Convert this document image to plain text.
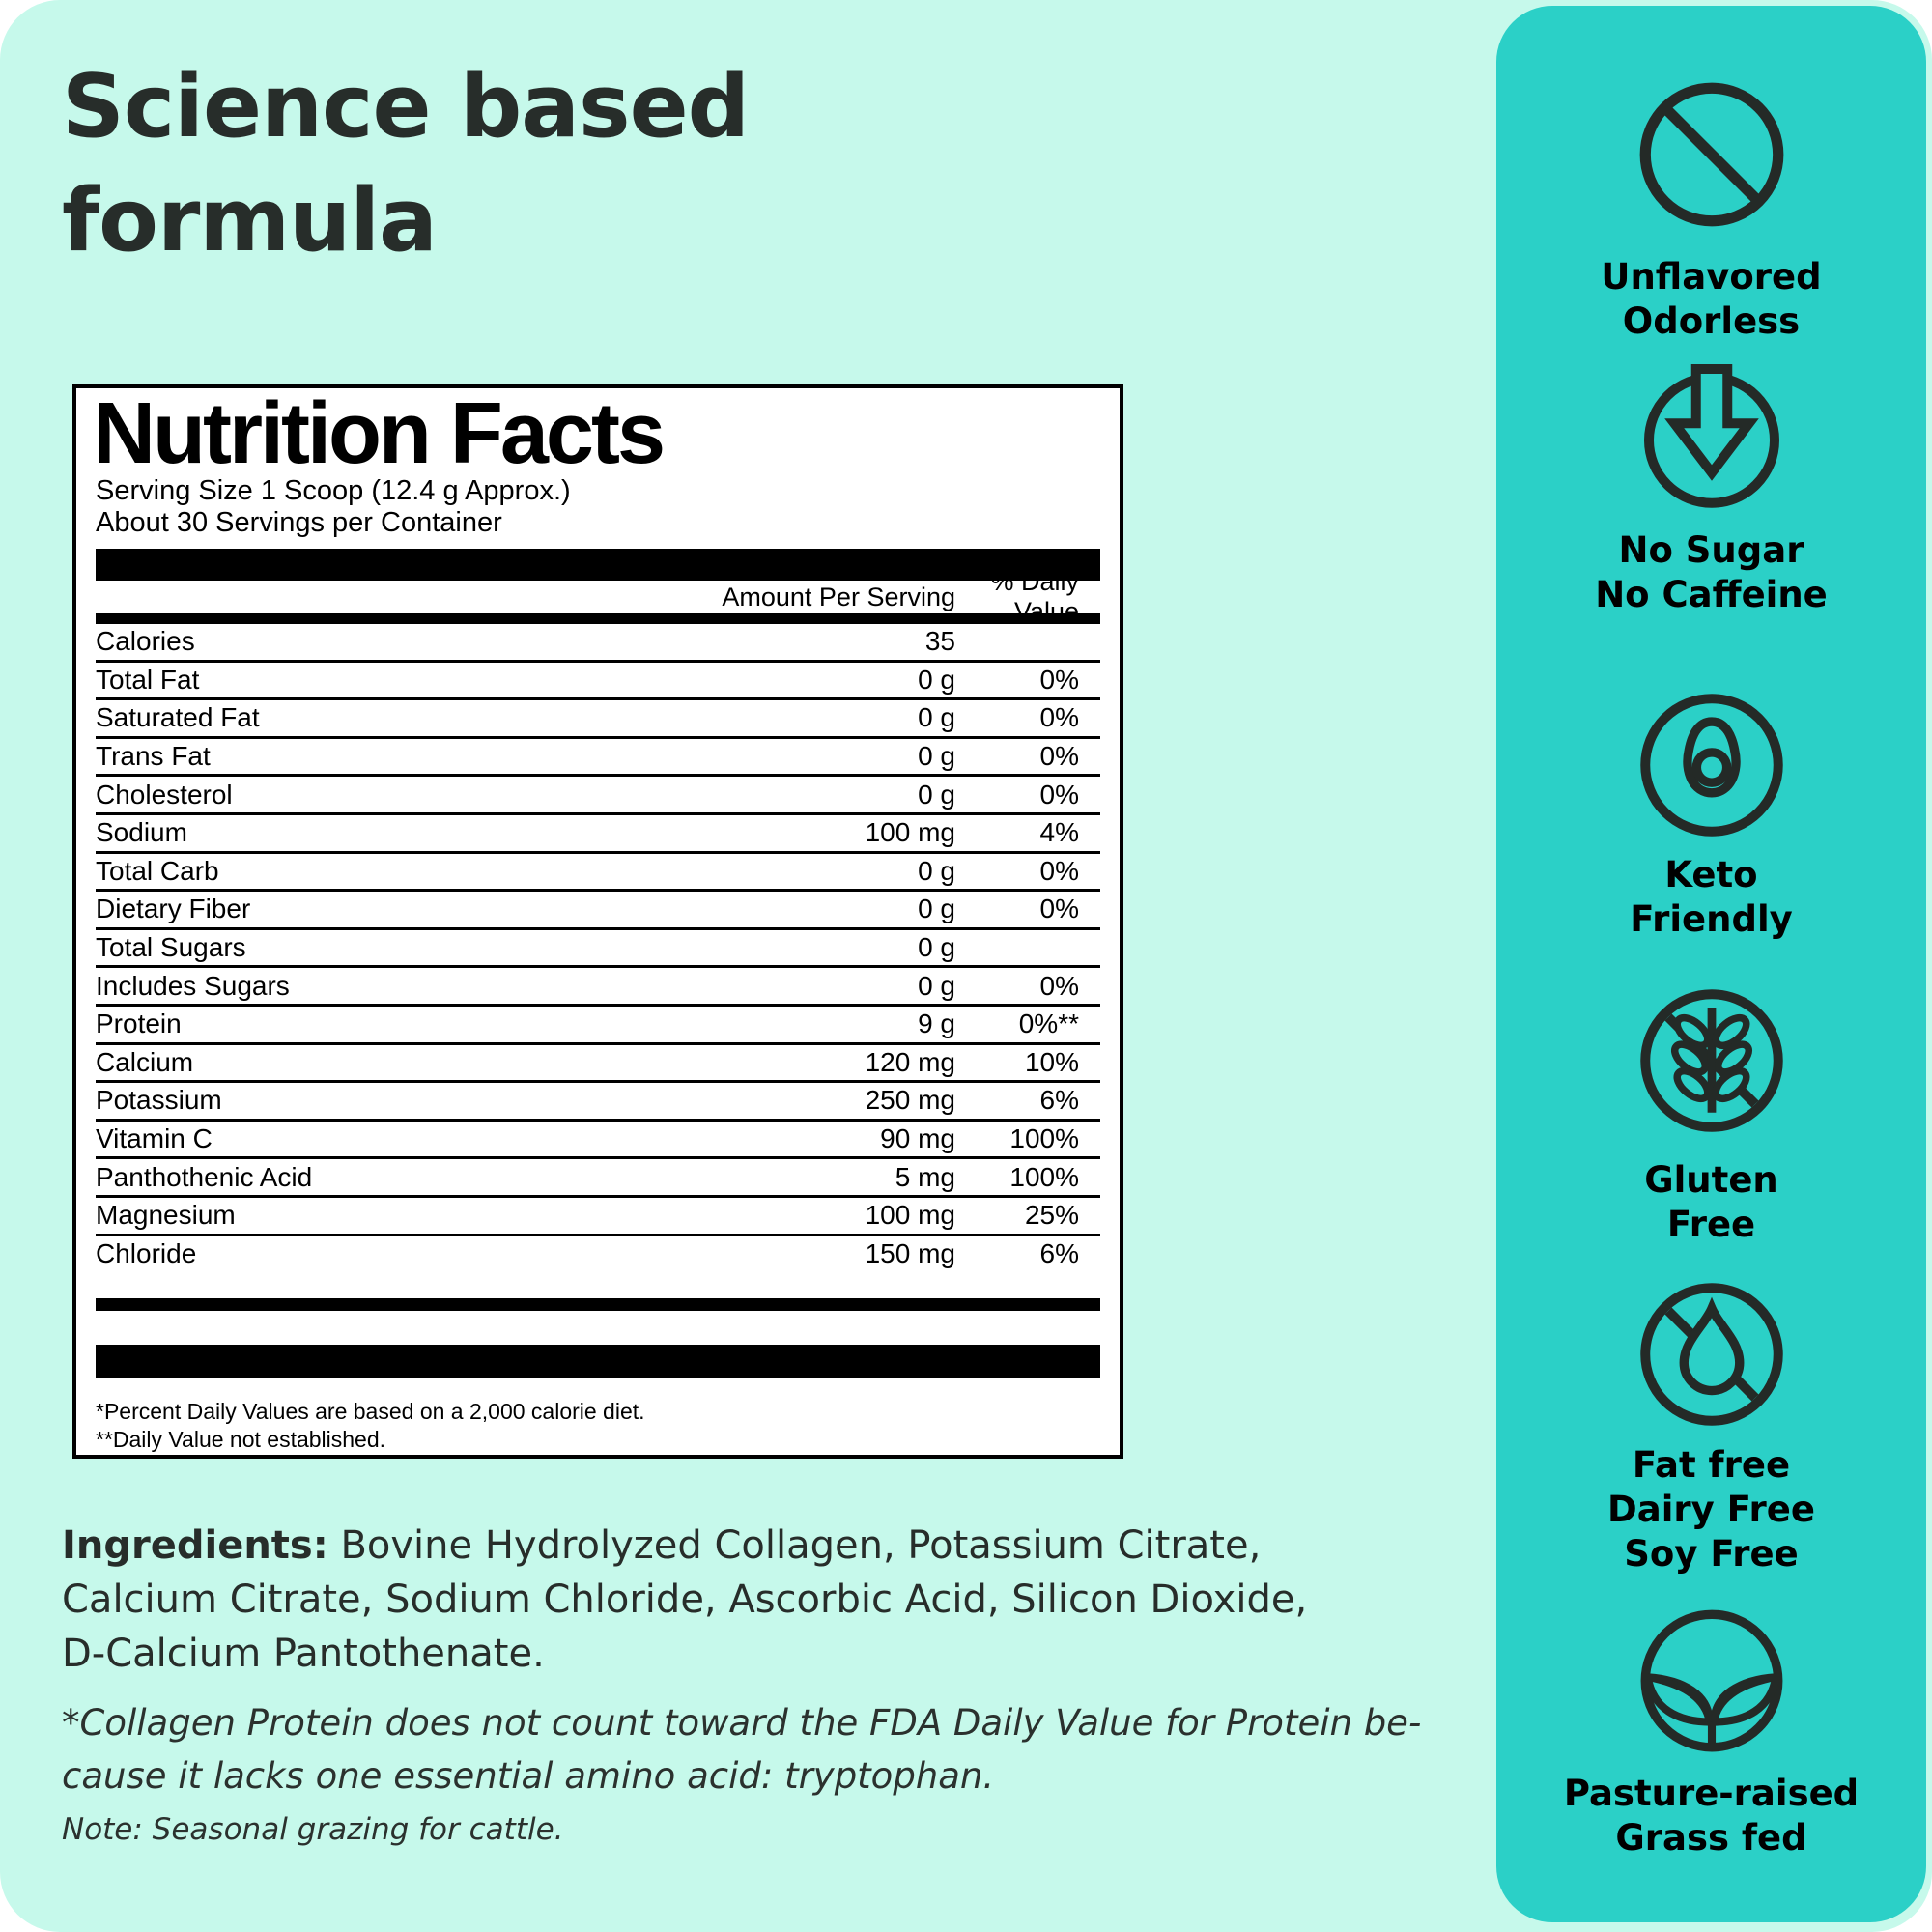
Science based
formula
Nutrition Facts
Serving Size 1 Scoop (12.4 g Approx.)
About 30 Servings per Container
Amount Per Serving
% Daily Value
Calories	35
Total Fat	0 g	0%
Saturated Fat	0 g	0%
Trans Fat	0 g	0%
Cholesterol	0 g	0%
Sodium	100 mg	4%
Total Carb	0 g	0%
Dietary Fiber	0 g	0%
Total Sugars	0 g
Includes Sugars	0 g	0%
Protein	9 g	0%**
Calcium	120 mg	10%
Potassium	250 mg	6%
Vitamin C	90 mg	100%
Panthothenic Acid	5 mg	100%
Magnesium	100 mg	25%
Chloride	150 mg	6%
*Percent Daily Values are based on a 2,000 calorie diet.
**Daily Value not established.
Ingredients: Bovine Hydrolyzed Collagen, Potassium Citrate,
Calcium Citrate, Sodium Chloride, Ascorbic Acid, Silicon Dioxide,
D-Calcium Pantothenate.
*Collagen Protein does not count toward the FDA Daily Value for Protein be-
cause it lacks one essential amino acid: tryptophan.
Note: Seasonal grazing for cattle.
Unflavored
Odorless
No Sugar
No Caffeine
Keto
Friendly
Gluten
Free
Fat free
Dairy Free
Soy Free
Pasture-raised
Grass fed
